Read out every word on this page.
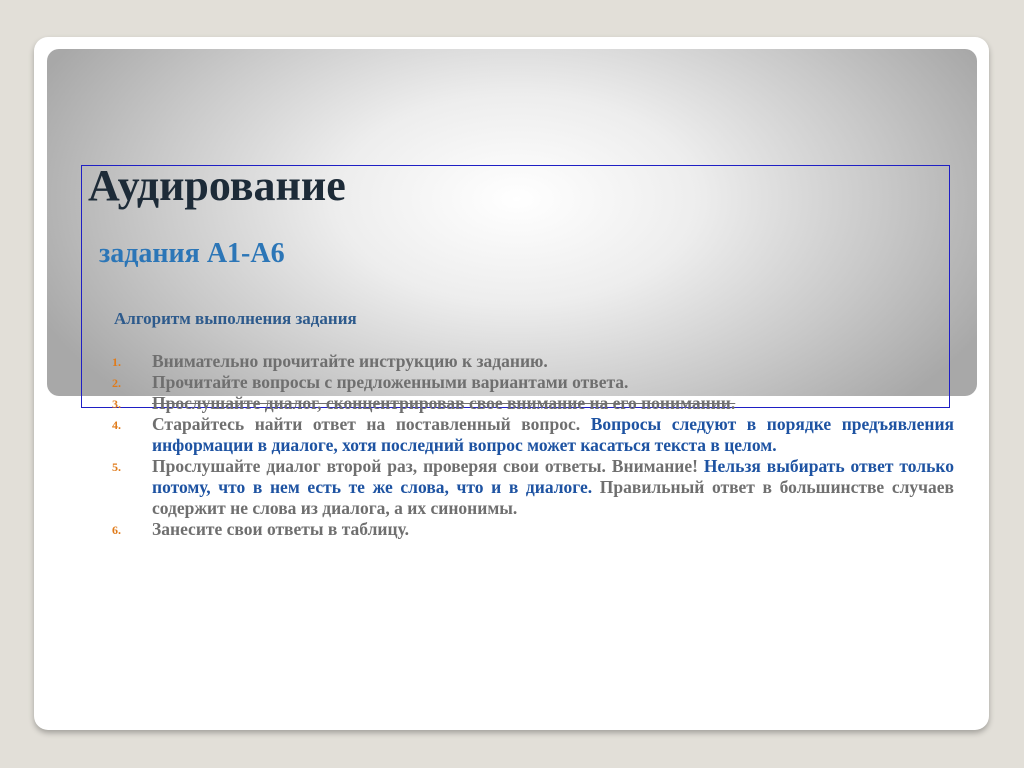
Аудирование
задания А1-А6
Алгоритм выполнения задания
1. Внимательно прочитайте инструкцию к заданию.
2. Прочитайте вопросы с предложенными вариантами ответа.
3. Прослушайте диалог, сконцентрировав свое внимание на его понимании.
4. Старайтесь найти ответ на поставленный вопрос. Вопросы следуют в порядке предъявления информации в диалоге, хотя последний вопрос может касаться текста в целом.
5. Прослушайте диалог второй раз, проверяя свои ответы. Внимание! Нельзя выбирать ответ только потому, что в нем есть те же слова, что и в диалоге. Правильный ответ в большинстве случаев содержит не слова из диалога, а их синонимы.
6. Занесите свои ответы в таблицу.
